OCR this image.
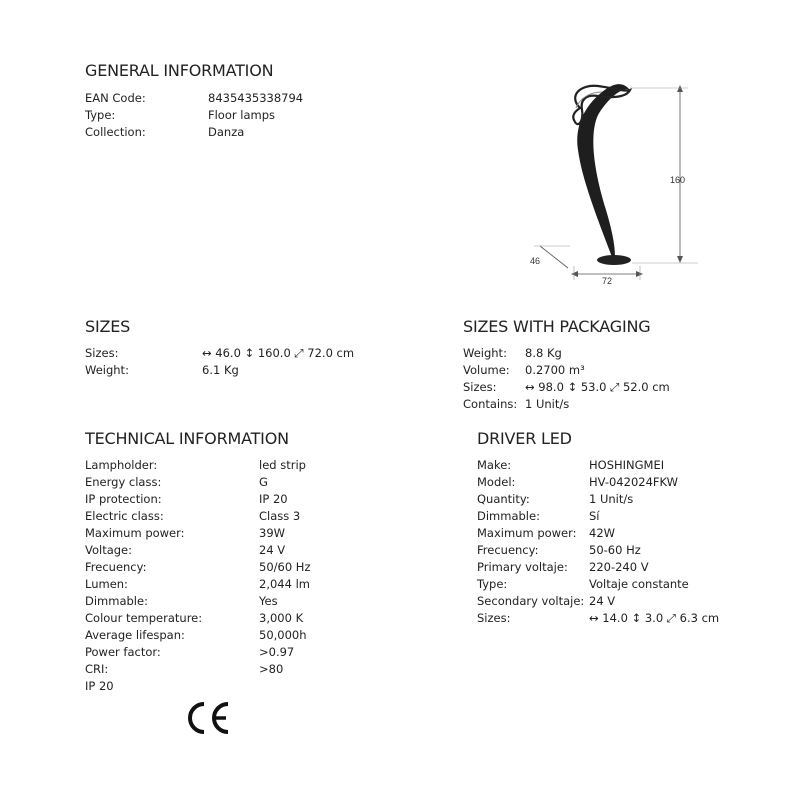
GENERAL INFORMATION
EAN Code:	8435435338794
Type:	Floor lamps
Collection:	Danza
160
46
72
SIZES
Sizes:	↔ 46.0 ↕ 160.0 ⤢ 72.0 cm
Weight:	6.1 Kg
SIZES WITH PACKAGING
Weight:	8.8 Kg
Volume:	0.2700 m³
Sizes:	↔ 98.0 ↕ 53.0 ⤢ 52.0 cm
Contains: 1 Unit/s
TECHNICAL INFORMATION
Lampholder:	led strip
Energy class:	G
IP protection:	IP 20
Electric class:	Class 3
Maximum power:	39W
Voltage:	24 V
Frecuency:	50/60 Hz
Lumen:	2,044 lm
Dimmable:	Yes
Colour temperature:	3,000 K
Average lifespan:	50,000h
Power factor:	>0.97
CRI:	>80
IP 20
DRIVER LED
Make:	HOSHINGMEI
Model:	HV-042024FKW
Quantity:	1 Unit/s
Dimmable:	Sí
Maximum power:	42W
Frecuency:	50-60 Hz
Primary voltaje:	220-240 V
Type:	Voltaje constante
Secondary voltaje: 24 V
Sizes:	↔ 14.0 ↕ 3.0 ⤢ 6.3 cm
